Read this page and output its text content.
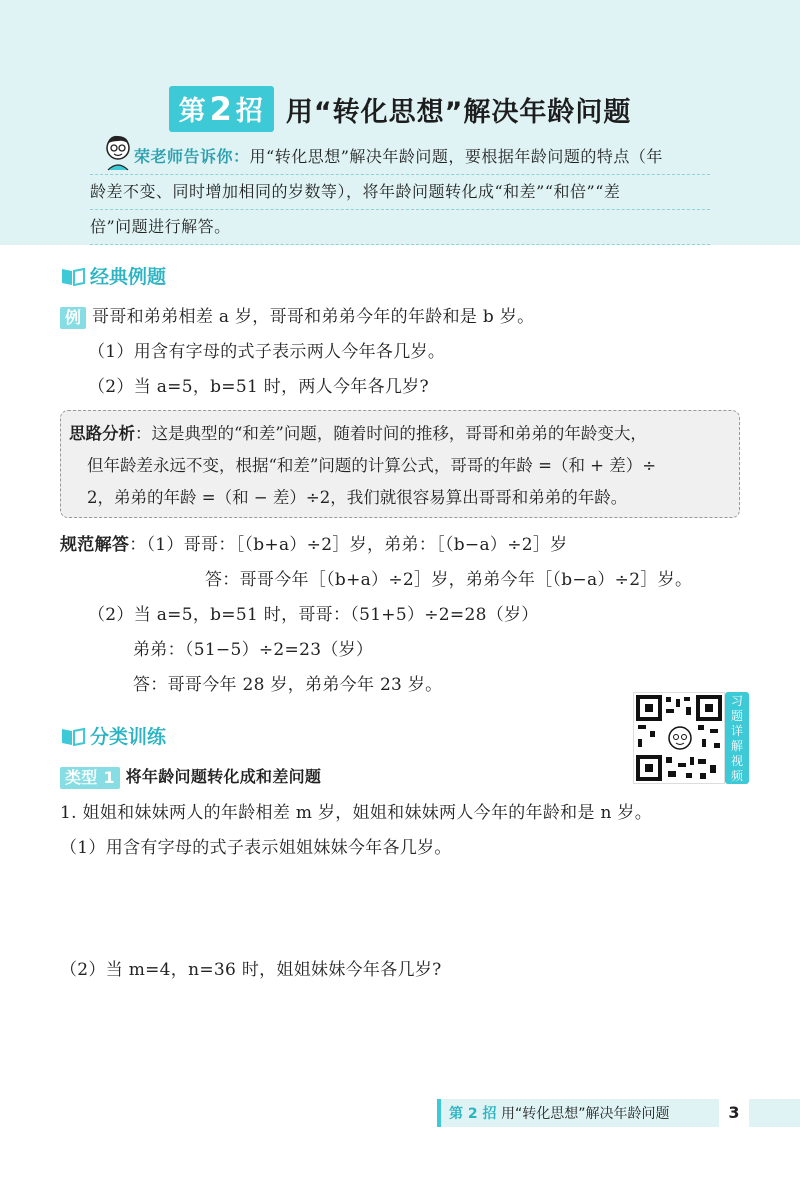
第2 招 用“转化思想”解决年龄问题
荣老师告诉你：用“转化思想”解决年龄问题，要根据年龄问题的特点（年
龄差不变、同时增加相同的岁数等），将年龄问题转化成“和差”“和倍”“差
倍”问题进行解答。
经典例题
例 哥哥和弟弟相差 a 岁，哥哥和弟弟今年的年龄和是 b 岁。
（1）用含有字母的式子表示两人今年各几岁。
（2）当 a=5，b=51 时，两人今年各几岁?
思路分析：这是典型的“和差”问题，随着时间的推移，哥哥和弟弟的年龄变大，
但年龄差永远不变，根据“和差”问题的计算公式，哥哥的年龄 =（和 + 差）÷
2，弟弟的年龄 =（和 − 差）÷2，我们就很容易算出哥哥和弟弟的年龄。
规范解答：（1）哥哥：［（b+a）÷2］岁，弟弟：［（b−a）÷2］岁
答：哥哥今年［（b+a）÷2］岁，弟弟今年［（b−a）÷2］岁。
（2）当 a=5，b=51 时，哥哥：（51+5）÷2=28（岁）
弟弟：（51−5）÷2=23（岁）
答：哥哥今年 28 岁，弟弟今年 23 岁。
习
题
详
解
视
频
分类训练
类型 1 将年龄问题转化成和差问题
1. 姐姐和妹妹两人的年龄相差 m 岁，姐姐和妹妹两人今年的年龄和是 n 岁。
（1）用含有字母的式子表示姐姐妹妹今年各几岁。
（2）当 m=4，n=36 时，姐姐妹妹今年各几岁?
第 2 招 用“转化思想”解决年龄问题	3
